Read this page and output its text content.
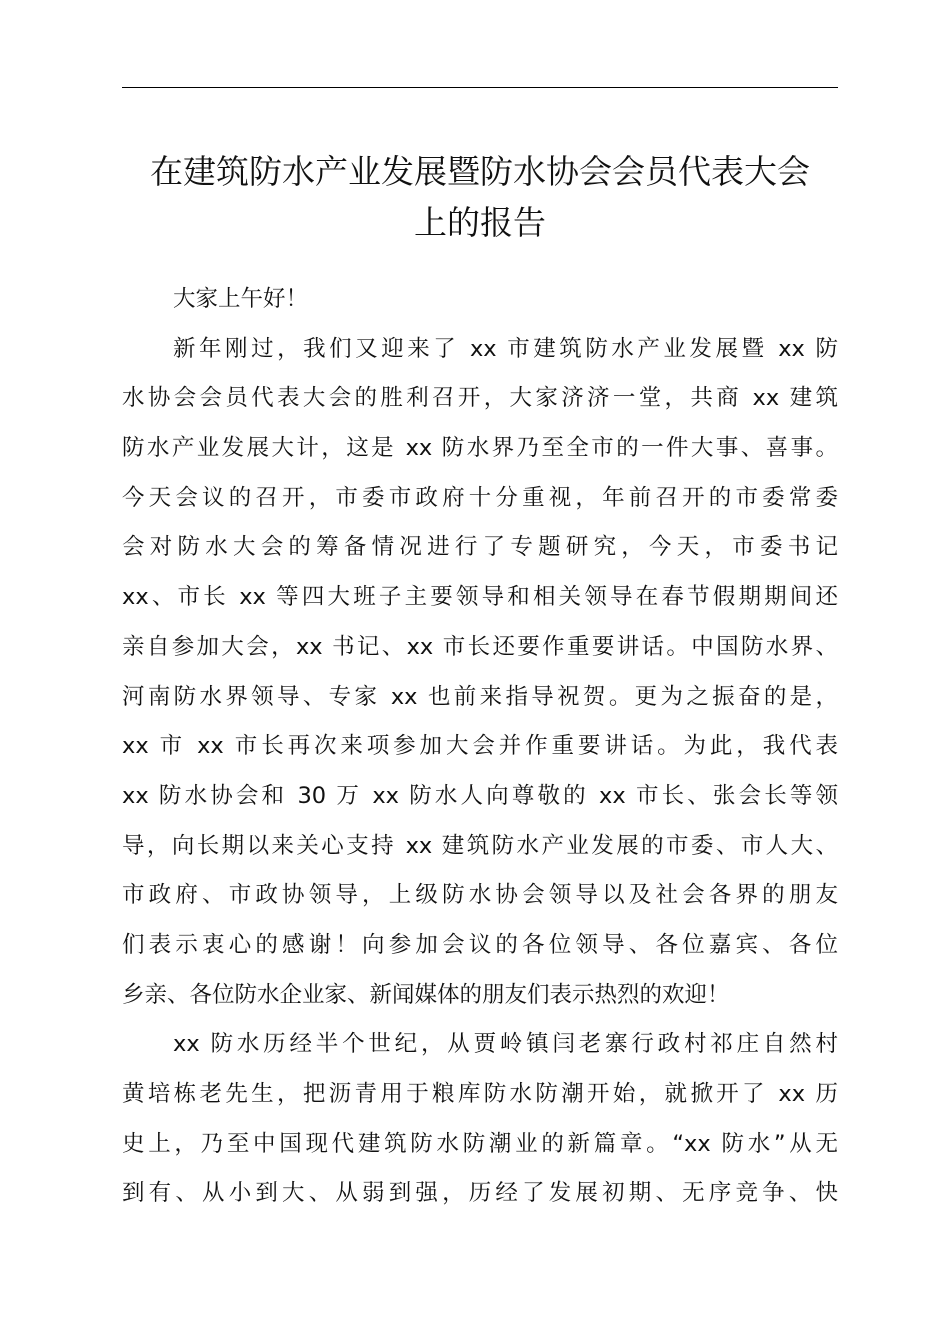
在建筑防水产业发展暨防水协会会员代表大会
上的报告
大家上午好！
新年刚过，我们又迎来了 xx 市建筑防水产业发展暨 xx 防
水协会会员代表大会的胜利召开，大家济济一堂，共商 xx 建筑
防水产业发展大计，这是 xx 防水界乃至全市的一件大事、喜事。
今天会议的召开，市委市政府十分重视，年前召开的市委常委
会对防水大会的筹备情况进行了专题研究，今天，市委书记
xx、市长 xx 等四大班子主要领导和相关领导在春节假期期间还
亲自参加大会，xx 书记、xx 市长还要作重要讲话。中国防水界、
河南防水界领导、专家 xx 也前来指导祝贺。更为之振奋的是，
xx 市 xx 市长再次来项参加大会并作重要讲话。为此，我代表
xx 防水协会和 30 万 xx 防水人向尊敬的 xx 市长、张会长等领
导，向长期以来关心支持 xx 建筑防水产业发展的市委、市人大、
市政府、市政协领导，上级防水协会领导以及社会各界的朋友
们表示衷心的感谢！向参加会议的各位领导、各位嘉宾、各位
乡亲、各位防水企业家、新闻媒体的朋友们表示热烈的欢迎！
xx 防水历经半个世纪，从贾岭镇闫老寨行政村祁庄自然村
黄培栋老先生，把沥青用于粮库防水防潮开始，就掀开了 xx 历
史上，乃至中国现代建筑防水防潮业的新篇章。“xx 防水”从无
到有、从小到大、从弱到强，历经了发展初期、无序竞争、快
